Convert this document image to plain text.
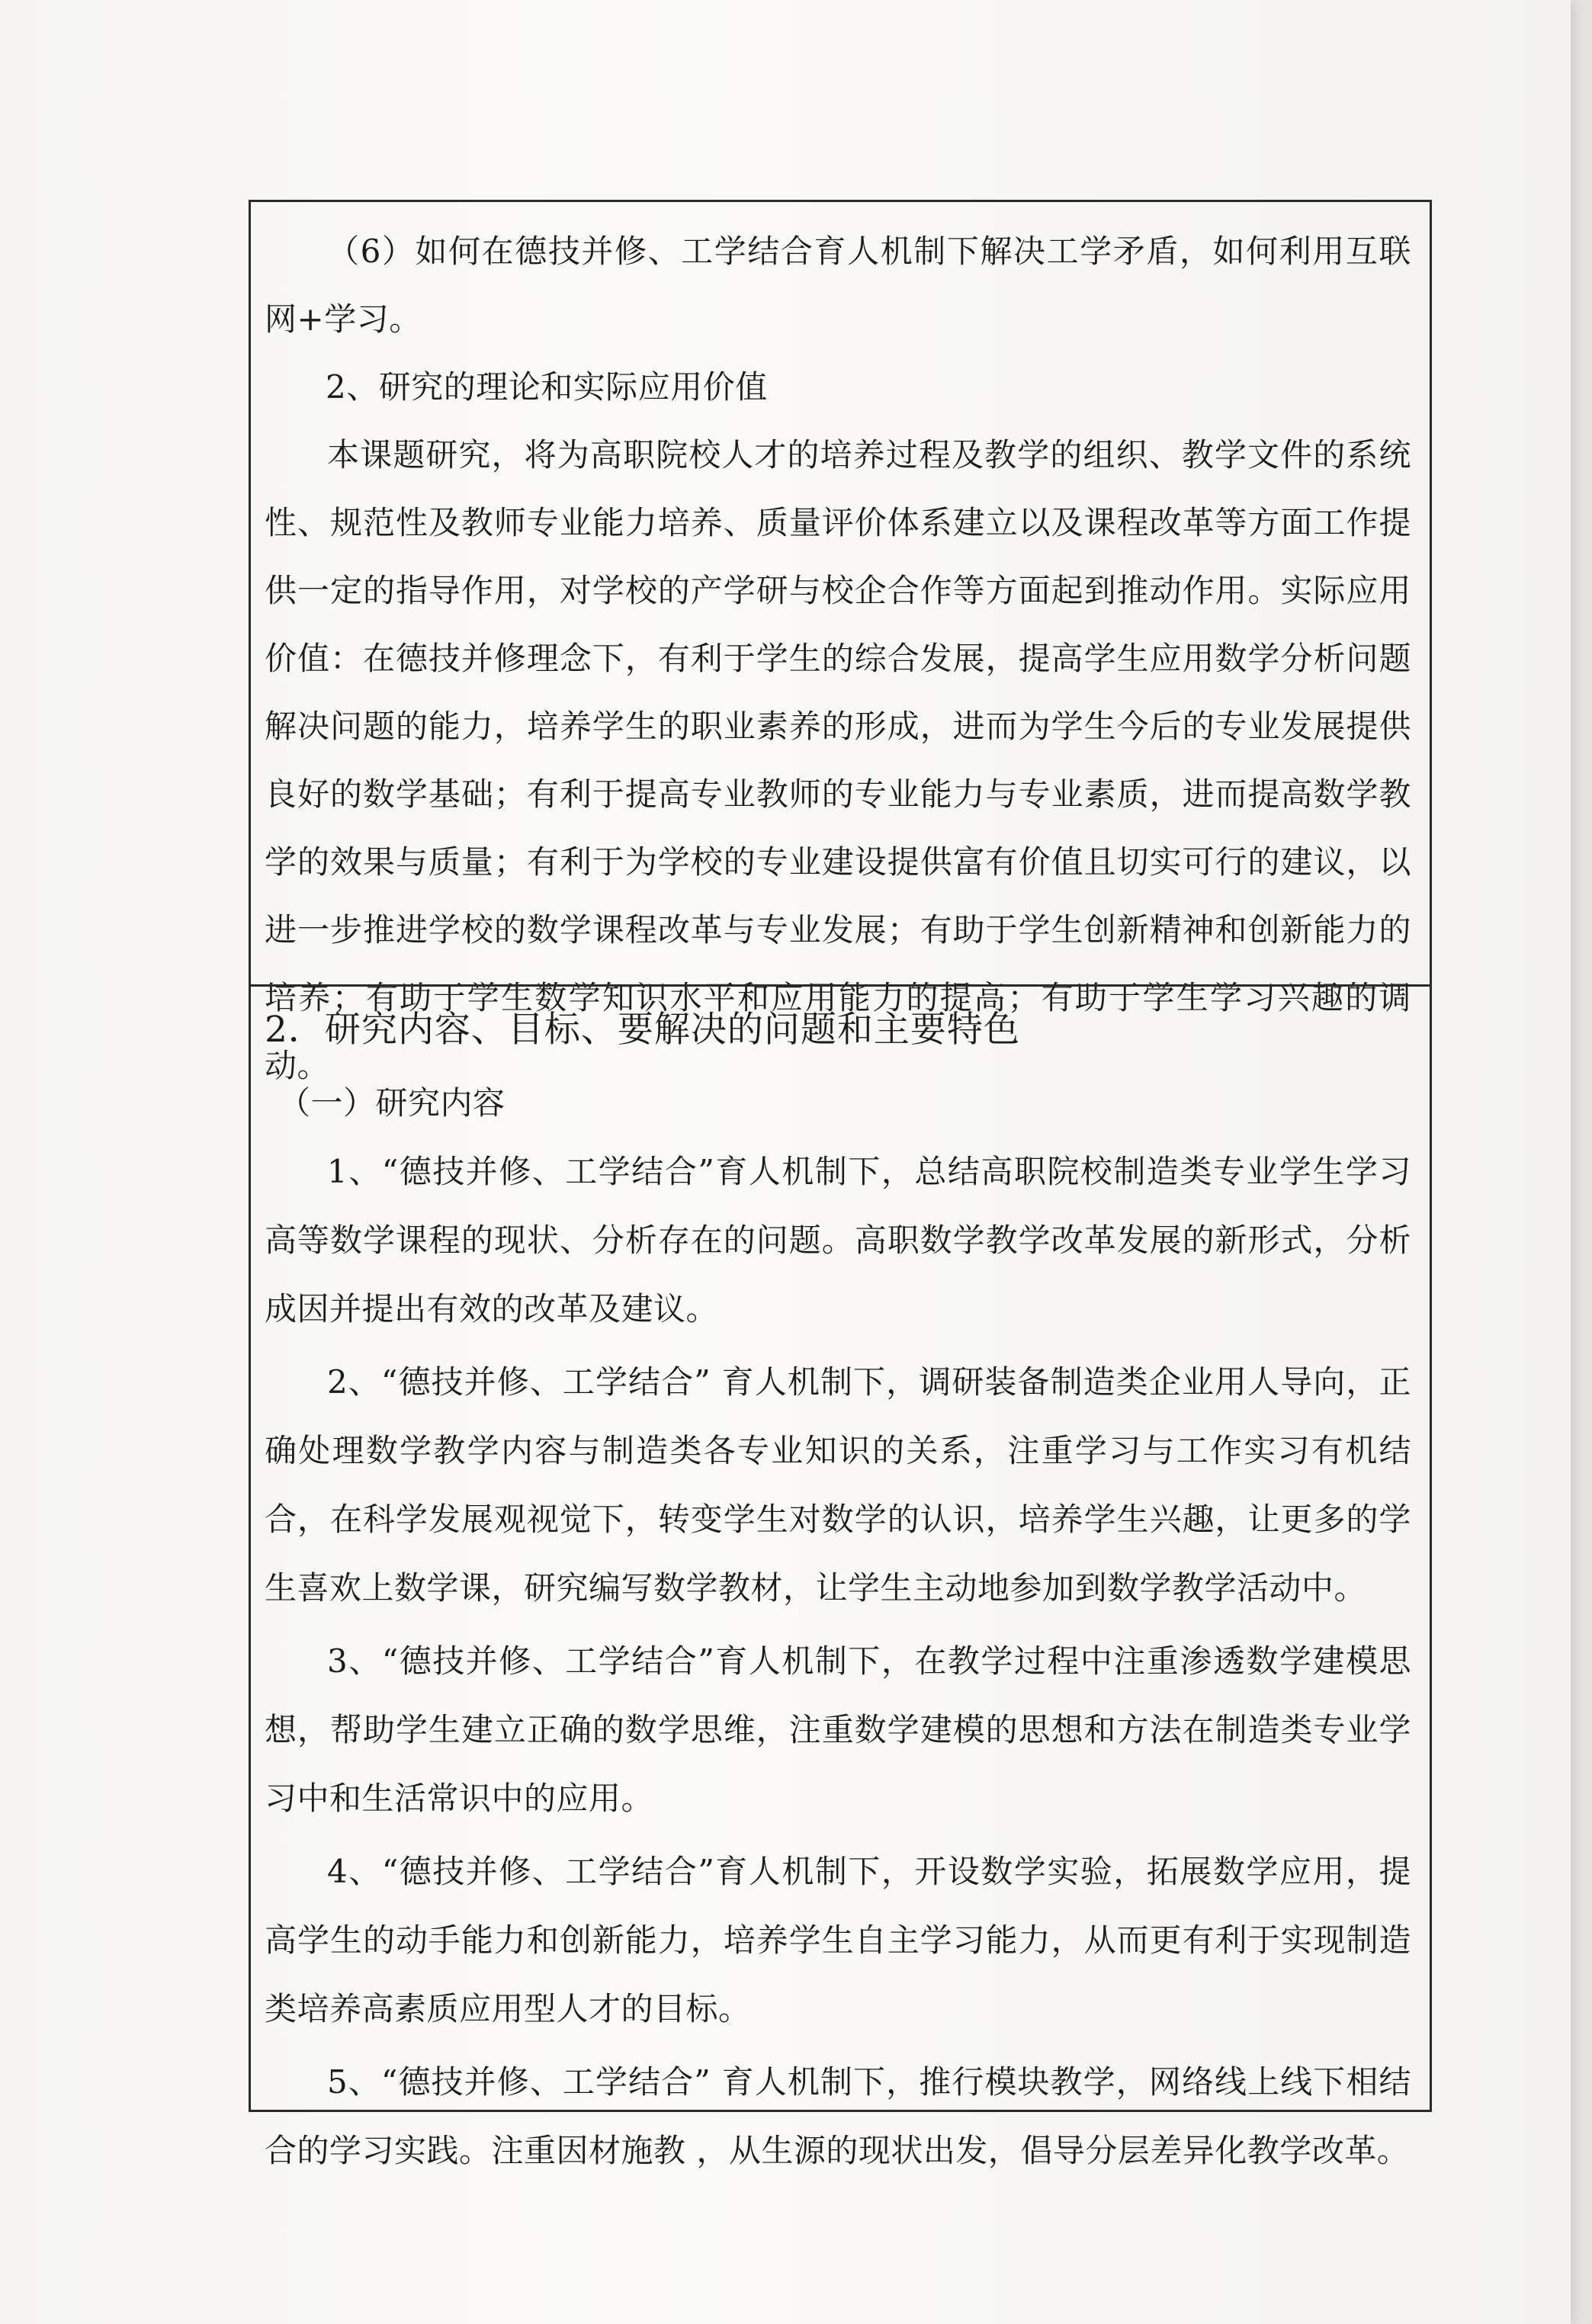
（6）如何在德技并修、工学结合育人机制下解决工学矛盾，如何利用互联网+学习。

2、研究的理论和实际应用价值

本课题研究，将为高职院校人才的培养过程及教学的组织、教学文件的系统性、规范性及教师专业能力培养、质量评价体系建立以及课程改革等方面工作提供一定的指导作用，对学校的产学研与校企合作等方面起到推动作用。实际应用价值：在德技并修理念下，有利于学生的综合发展，提高学生应用数学分析问题解决问题的能力，培养学生的职业素养的形成，进而为学生今后的专业发展提供良好的数学基础；有利于提高专业教师的专业能力与专业素质，进而提高数学教学的效果与质量；有利于为学校的专业建设提供富有价值且切实可行的建议，以进一步推进学校的数学课程改革与专业发展；有助于学生创新精神和创新能力的培养；有助于学生数学知识水平和应用能力的提高；有助于学生学习兴趣的调动。

2．研究内容、目标、要解决的问题和主要特色

（一）研究内容

1、“德技并修、工学结合”育人机制下，总结高职院校制造类专业学生学习高等数学课程的现状、分析存在的问题。高职数学教学改革发展的新形式，分析成因并提出有效的改革及建议。

2、“德技并修、工学结合” 育人机制下，调研装备制造类企业用人导向，正确处理数学教学内容与制造类各专业知识的关系，注重学习与工作实习有机结合，在科学发展观视觉下，转变学生对数学的认识，培养学生兴趣，让更多的学生喜欢上数学课，研究编写数学教材，让学生主动地参加到数学教学活动中。

3、“德技并修、工学结合”育人机制下，在教学过程中注重渗透数学建模思想，帮助学生建立正确的数学思维，注重数学建模的思想和方法在制造类专业学习中和生活常识中的应用。

4、“德技并修、工学结合”育人机制下，开设数学实验，拓展数学应用，提高学生的动手能力和创新能力，培养学生自主学习能力，从而更有利于实现制造类培养高素质应用型人才的目标。

5、“德技并修、工学结合” 育人机制下，推行模块教学，网络线上线下相结合的学习实践。注重因材施教 ，从生源的现状出发，倡导分层差异化教学改革。
